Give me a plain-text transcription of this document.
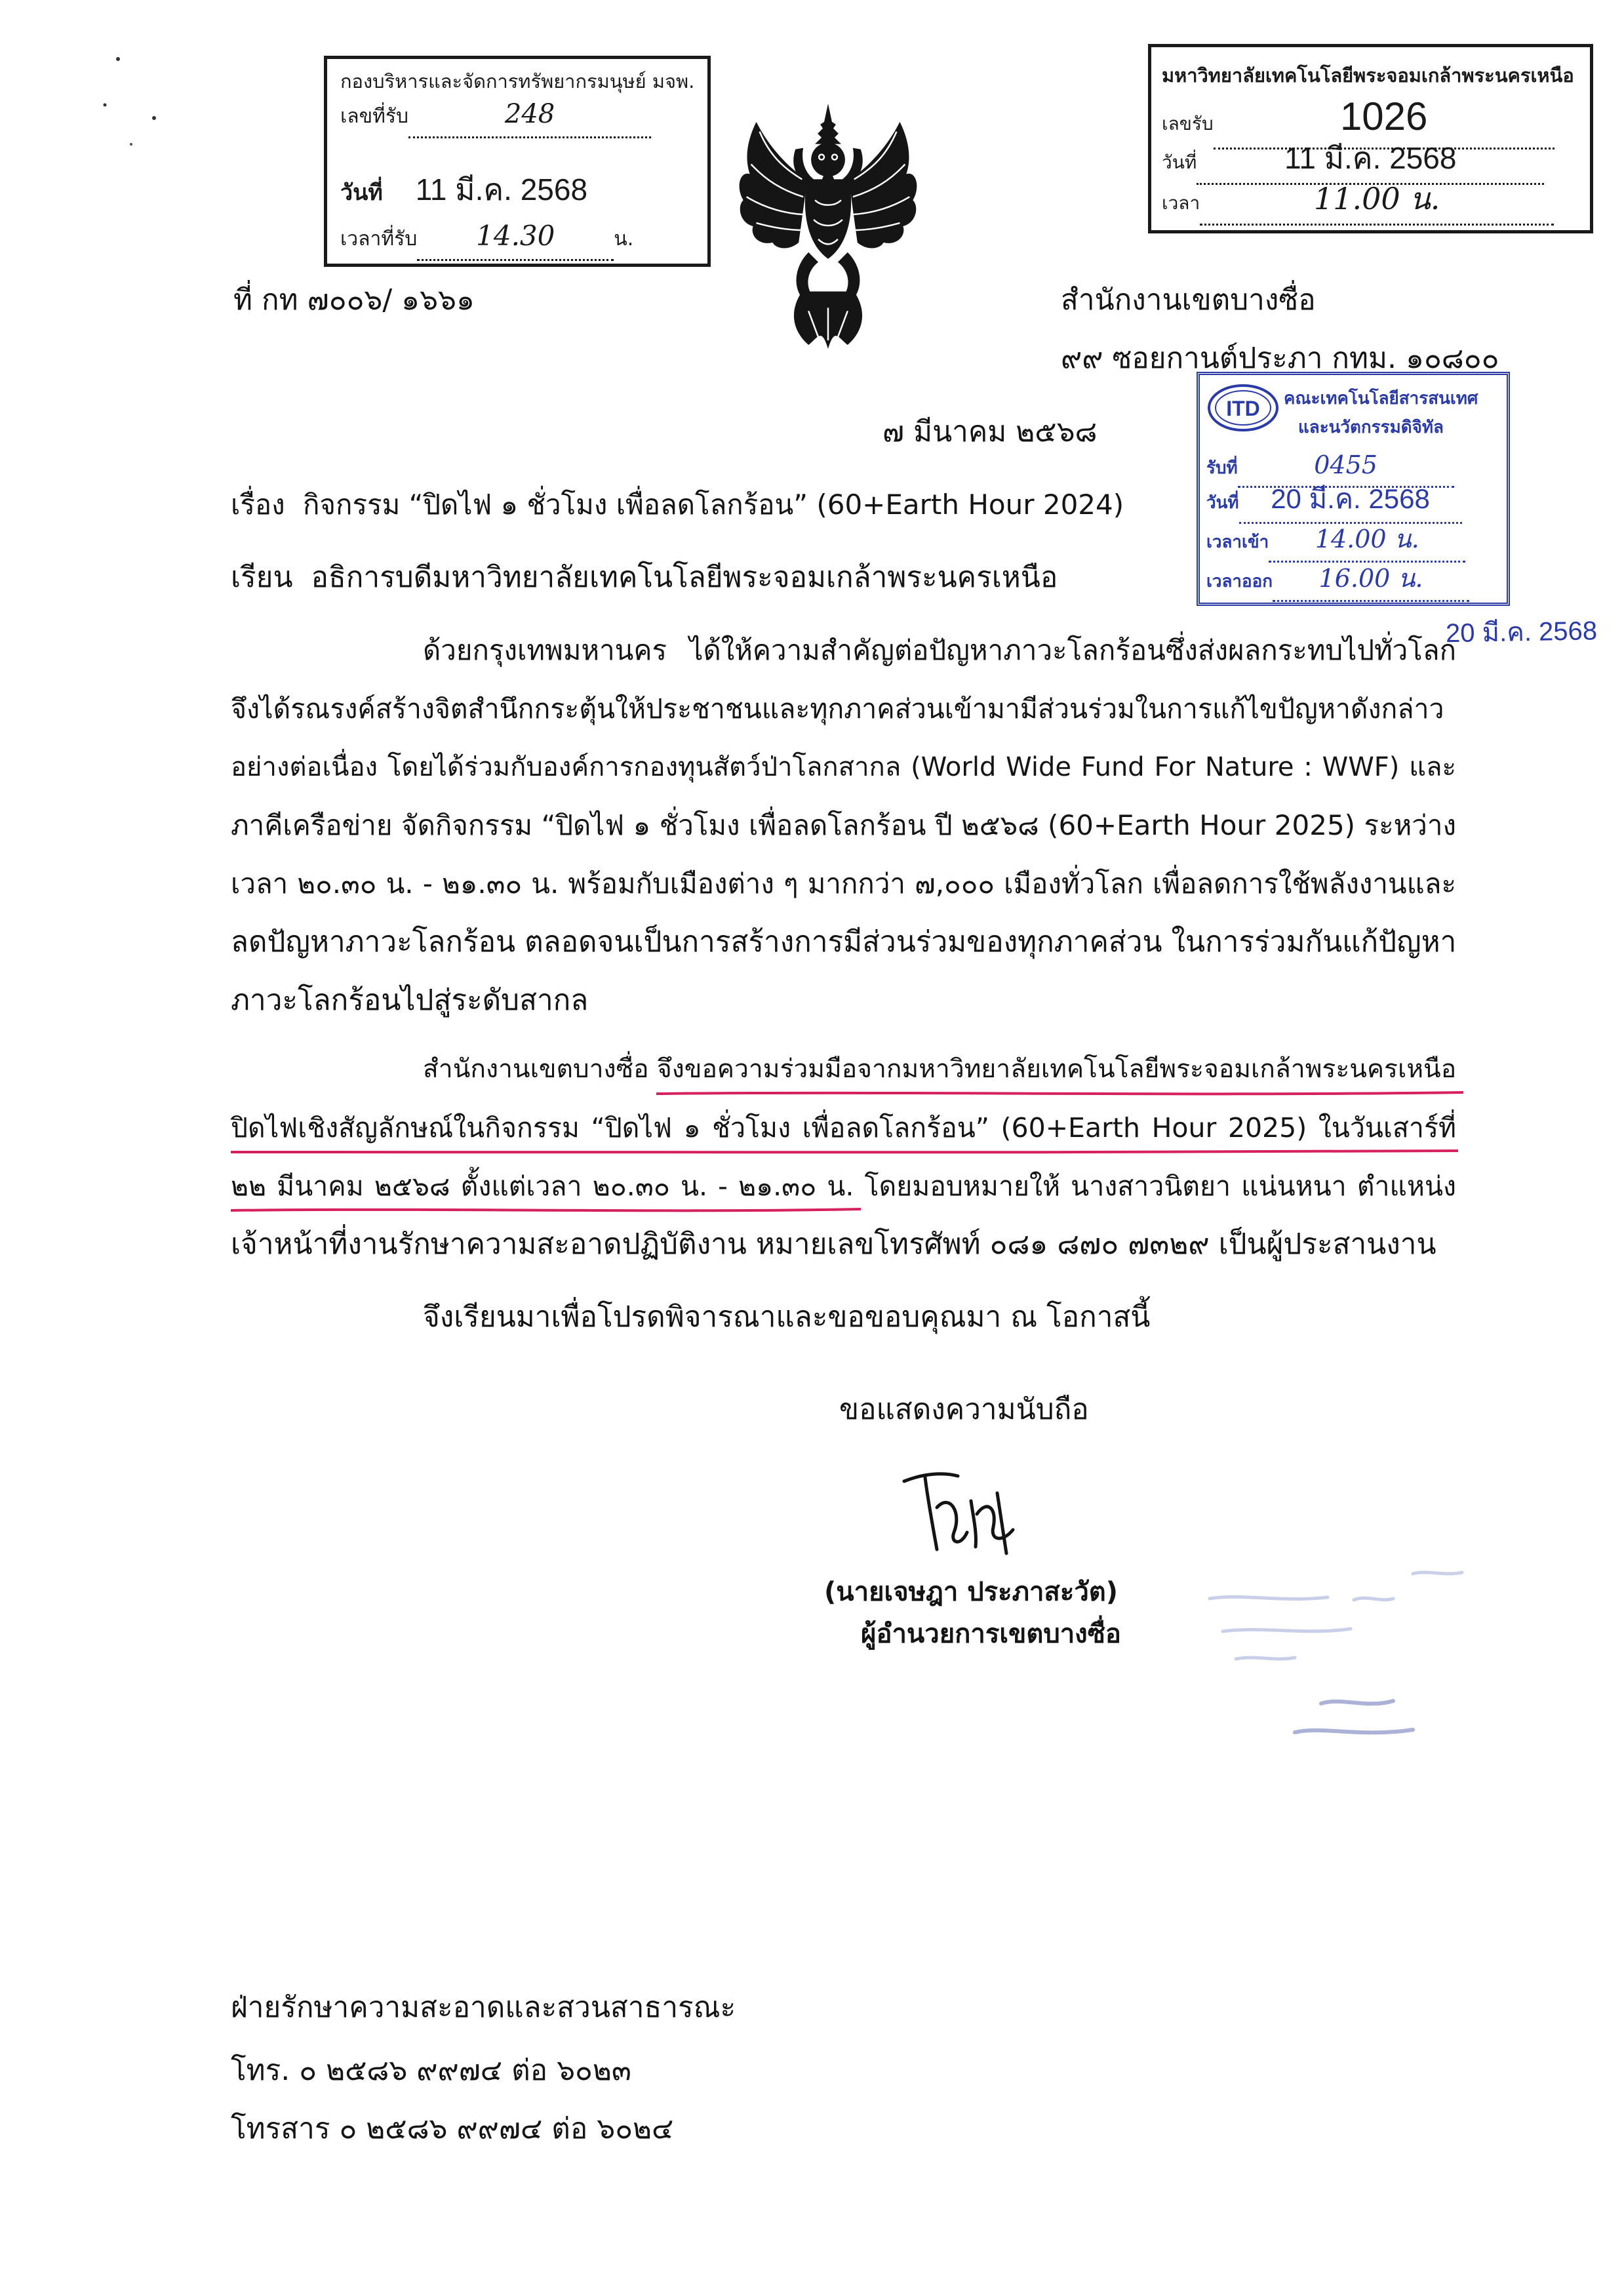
กองบริหารและจัดการทรัพยากรมนุษย์ มจพ.
เลขที่รับ	248
วันที่ 11 มี.ค. 2568
เวลาที่รับ 14.30	น.
มหาวิทยาลัยเทคโนโลยีพระจอมเกล้าพระนครเหนือ
เลขรับ	1026
วันที่	11 มี.ค. 2568
เวลา	11.00 น.
ITD คณะเทคโนโลยีสารสนเทศ
และนวัตกรรมดิจิทัล
รับที่	0455
วันที่ 20 มี.ค. 2568
เวลาเข้า 14.00 น.
เวลาออก 16.00 น.
20 มี.ค. 2568
ที่ กท ๗๐๐๖/ ๑๖๖๑	สำนักงานเขตบางซื่อ
๙๙ ซอยกานต์ประภา กทม. ๑๐๘๐๐
๗ มีนาคม ๒๕๖๘
เรื่อง กิจกรรม “ปิดไฟ ๑ ชั่วโมง เพื่อลดโลกร้อน” (60+Earth Hour 2024)
เรียน อธิการบดีมหาวิทยาลัยเทคโนโลยีพระจอมเกล้าพระนครเหนือ
ด้วยกรุงเทพมหานคร ได้ให้ความสำคัญต่อปัญหาภาวะโลกร้อนซึ่งส่งผลกระทบไปทั่วโลก
จึงได้รณรงค์สร้างจิตสำนึกกระตุ้นให้ประชาชนและทุกภาคส่วนเข้ามามีส่วนร่วมในการแก้ไขปัญหาดังกล่าว
อย่างต่อเนื่อง โดยได้ร่วมกับองค์การกองทุนสัตว์ป่าโลกสากล (World Wide Fund For Nature : WWF) และ
ภาคีเครือข่าย จัดกิจกรรม “ปิดไฟ ๑ ชั่วโมง เพื่อลดโลกร้อน ปี ๒๕๖๘ (60+Earth Hour 2025) ระหว่าง
เวลา ๒๐.๓๐ น. - ๒๑.๓๐ น. พร้อมกับเมืองต่าง ๆ มากกว่า ๗,๐๐๐ เมืองทั่วโลก เพื่อลดการใช้พลังงานและ
ลดปัญหาภาวะโลกร้อน ตลอดจนเป็นการสร้างการมีส่วนร่วมของทุกภาคส่วน ในการร่วมกันแก้ปัญหา
ภาวะโลกร้อนไปสู่ระดับสากล
สำนักงานเขตบางซื่อ จึงขอความร่วมมือจากมหาวิทยาลัยเทคโนโลยีพระจอมเกล้าพระนครเหนือ
ปิดไฟเชิงสัญลักษณ์ในกิจกรรม “ปิดไฟ ๑ ชั่วโมง เพื่อลดโลกร้อน” (60+Earth Hour 2025) ในวันเสาร์ที่
๒๒ มีนาคม ๒๕๖๘ ตั้งแต่เวลา ๒๐.๓๐ น. - ๒๑.๓๐ น. โดยมอบหมายให้ นางสาวนิตยา แน่นหนา ตำแหน่ง
เจ้าหน้าที่งานรักษาความสะอาดปฏิบัติงาน หมายเลขโทรศัพท์ ๐๘๑ ๘๗๐ ๗๓๒๙ เป็นผู้ประสานงาน
จึงเรียนมาเพื่อโปรดพิจารณาและขอขอบคุณมา ณ โอกาสนี้
ขอแสดงความนับถือ
(นายเจษฎา ประภาสะวัต)
ผู้อำนวยการเขตบางซื่อ
ฝ่ายรักษาความสะอาดและสวนสาธารณะ
โทร. ๐ ๒๕๘๖ ๙๙๗๔ ต่อ ๖๐๒๓
โทรสาร ๐ ๒๕๘๖ ๙๙๗๔ ต่อ ๖๐๒๔
